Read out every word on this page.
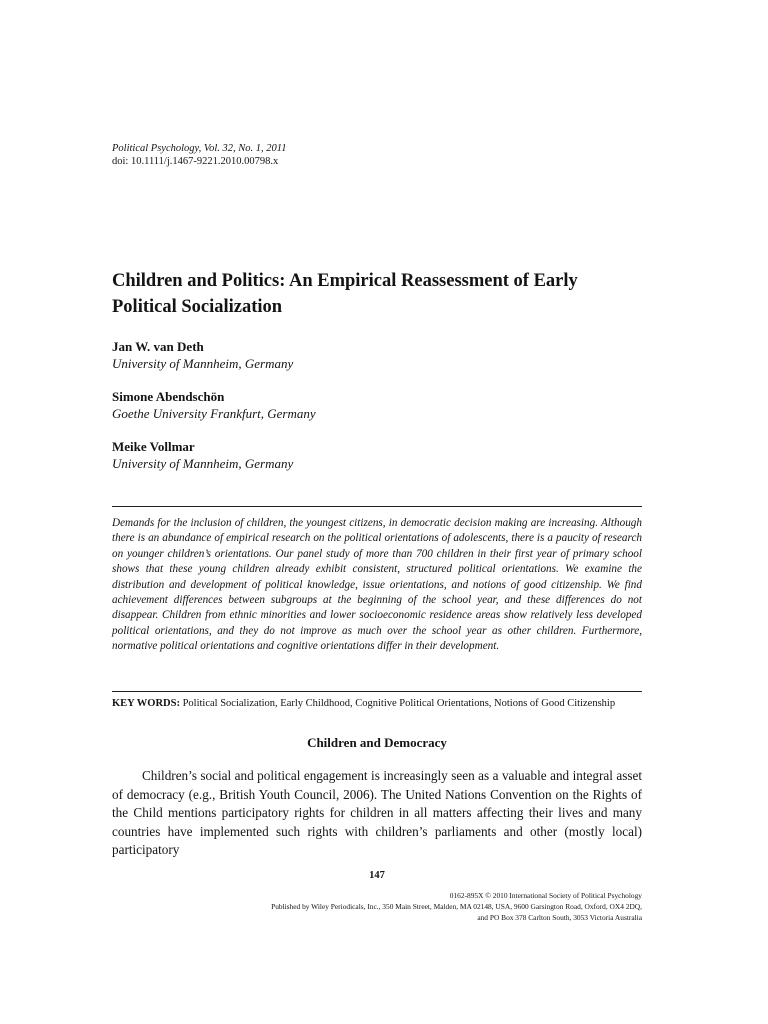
Political Psychology, Vol. 32, No. 1, 2011
doi: 10.1111/j.1467-9221.2010.00798.x
Children and Politics: An Empirical Reassessment of Early Political Socialization
Jan W. van Deth
University of Mannheim, Germany
Simone Abendschön
Goethe University Frankfurt, Germany
Meike Vollmar
University of Mannheim, Germany
Demands for the inclusion of children, the youngest citizens, in democratic decision making are increasing. Although there is an abundance of empirical research on the political orientations of adolescents, there is a paucity of research on younger children’s orientations. Our panel study of more than 700 children in their first year of primary school shows that these young children already exhibit consistent, structured political orientations. We examine the distribution and development of political knowledge, issue orientations, and notions of good citizenship. We find achievement differences between subgroups at the beginning of the school year, and these differences do not disappear. Children from ethnic minorities and lower socioeconomic residence areas show relatively less developed political orientations, and they do not improve as much over the school year as other children. Furthermore, normative political orientations and cognitive orientations differ in their development.
KEY WORDS: Political Socialization, Early Childhood, Cognitive Political Orientations, Notions of Good Citizenship
Children and Democracy
Children’s social and political engagement is increasingly seen as a valuable and integral asset of democracy (e.g., British Youth Council, 2006). The United Nations Convention on the Rights of the Child mentions participatory rights for children in all matters affecting their lives and many countries have implemented such rights with children’s parliaments and other (mostly local) participatory
147
0162-895X © 2010 International Society of Political Psychology
Published by Wiley Periodicals, Inc., 350 Main Street, Malden, MA 02148, USA, 9600 Garsington Road, Oxford, OX4 2DQ,
and PO Box 378 Carlton South, 3053 Victoria Australia
